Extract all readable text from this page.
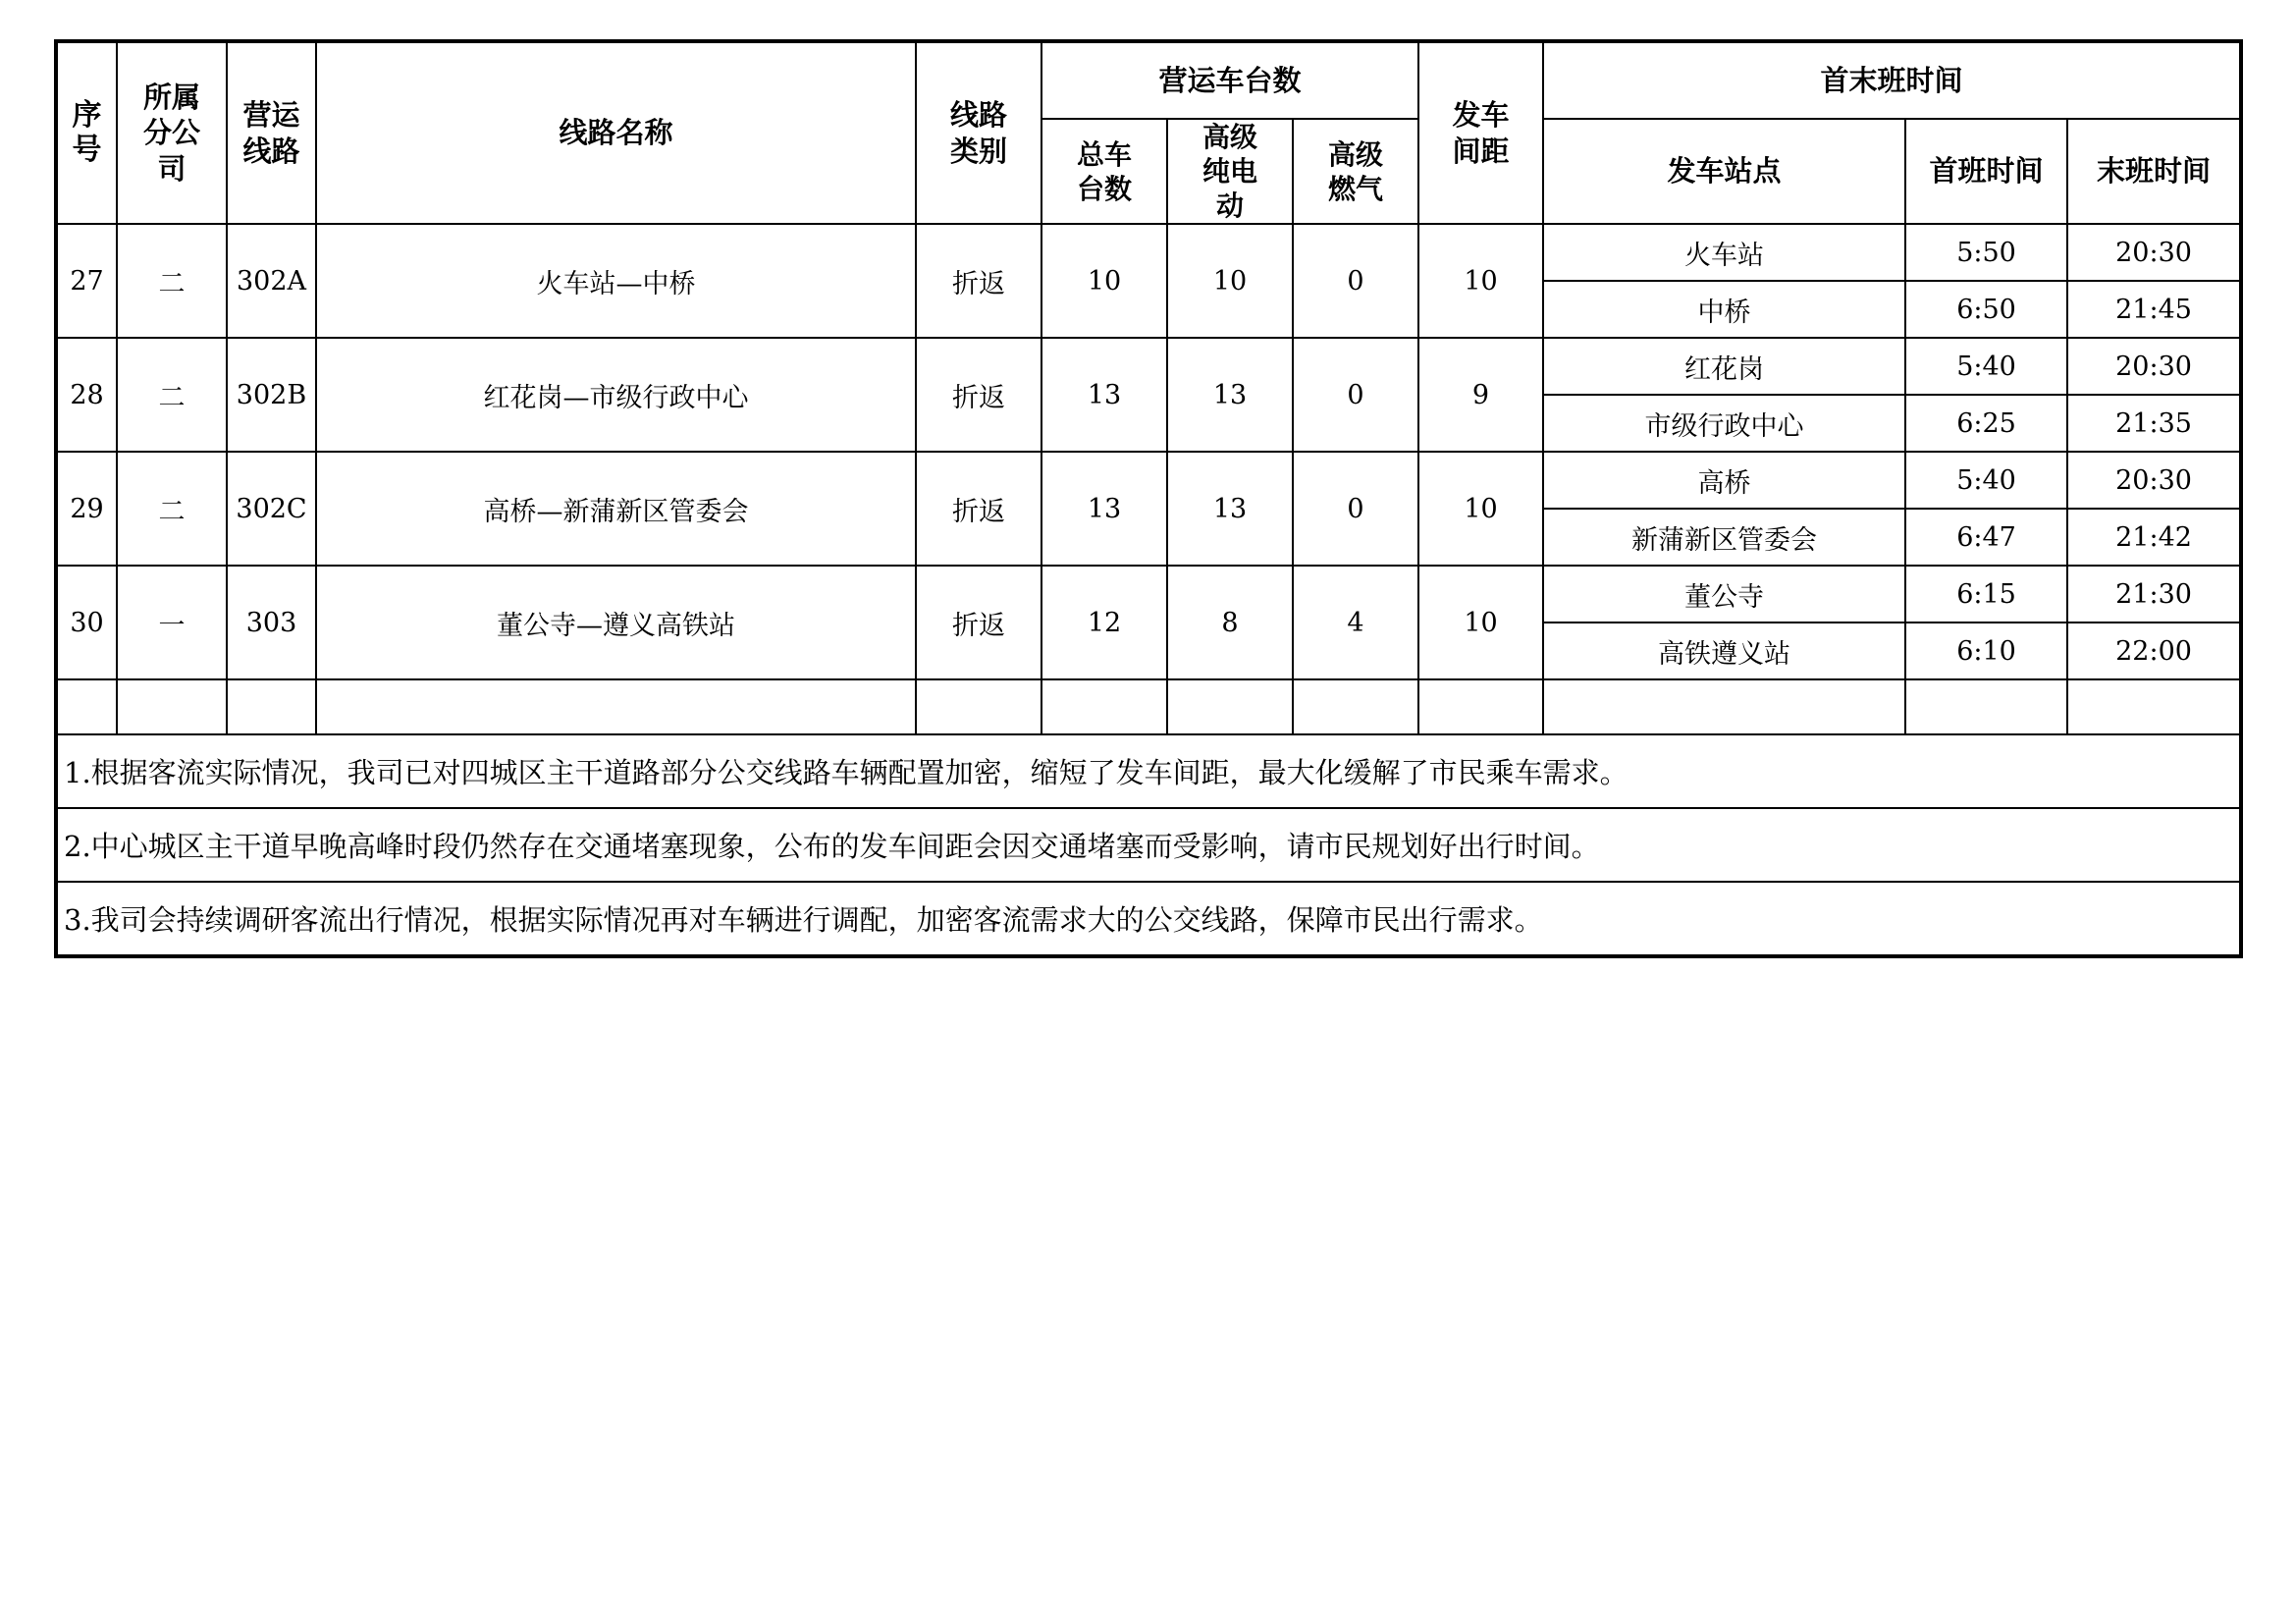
序号	所属分公司	营运线路	线路名称	线路类别	营运车台数			发车间距	首末班时间		
					总车台数	高级纯电动	高级燃气		发车站点	首班时间	末班时间
27	二	302A	火车站—中桥	折返	10	10	0	10	火车站	5:50	20:30
									中桥	6:50	21:45
28	二	302B	红花岗—市级行政中心	折返	13	13	0	9	红花岗	5:40	20:30
									市级行政中心	6:25	21:35
29	二	302C	高桥—新蒲新区管委会	折返	13	13	0	10	高桥	5:40	20:30
									新蒲新区管委会	6:47	21:42
30	一	303	董公寺—遵义高铁站	折返	12	8	4	10	董公寺	6:15	21:30
									高铁遵义站	6:10	22:00

1.根据客流实际情况，我司已对四城区主干道路部分公交线路车辆配置加密，缩短了发车间距，最大化缓解了市民乘车需求。											
2.中心城区主干道早晚高峰时段仍然存在交通堵塞现象，公布的发车间距会因交通堵塞而受影响，请市民规划好出行时间。											
3.我司会持续调研客流出行情况，根据实际情况再对车辆进行调配，加密客流需求大的公交线路，保障市民出行需求。											
